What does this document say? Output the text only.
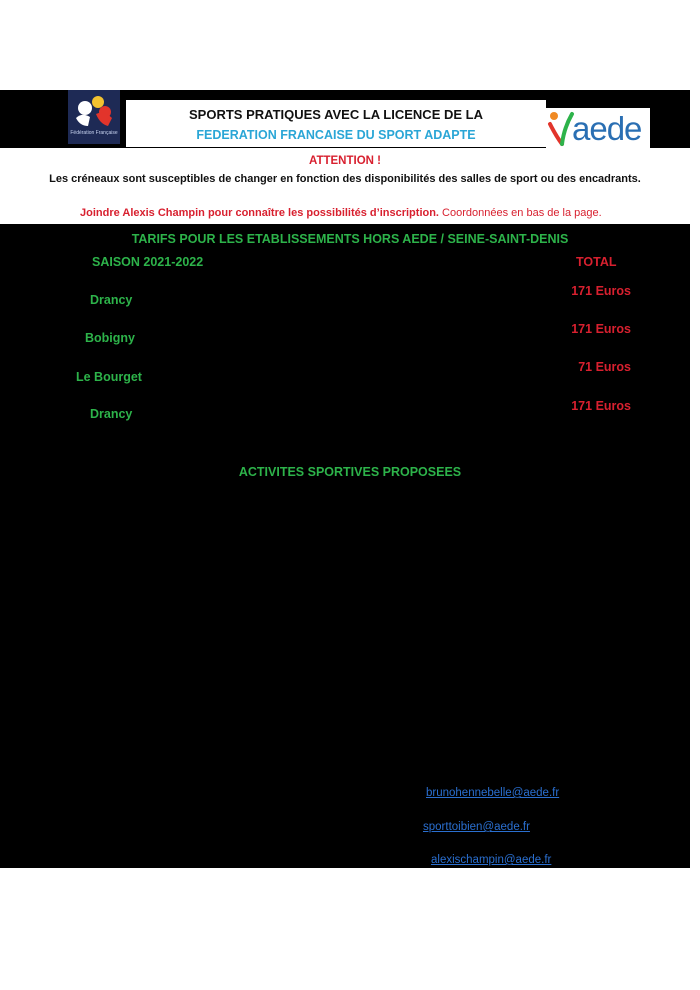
Fédération Française
SPORTS PRATIQUES AVEC LA LICENCE DE LA
FEDERATION FRANCAISE DU SPORT ADAPTE	aede
ATTENTION !
Les créneaux sont susceptibles de changer en fonction des disponibilités des salles de sport ou des encadrants.
Joindre Alexis Champin pour connaître les possibilités d’inscription. Coordonnées en bas de la page.
TARIFS POUR LES ETABLISSEMENTS HORS AEDE / SEINE-SAINT-DENIS
SAISON 2021-2022	TOTAL
Drancy
171 Euros
Bobigny
171 Euros
Le Bourget
71 Euros
Drancy
171 Euros
ACTIVITES SPORTIVES PROPOSEES
brunohennebelle@aede.fr
sporttoibien@aede.fr
alexischampin@aede.fr
